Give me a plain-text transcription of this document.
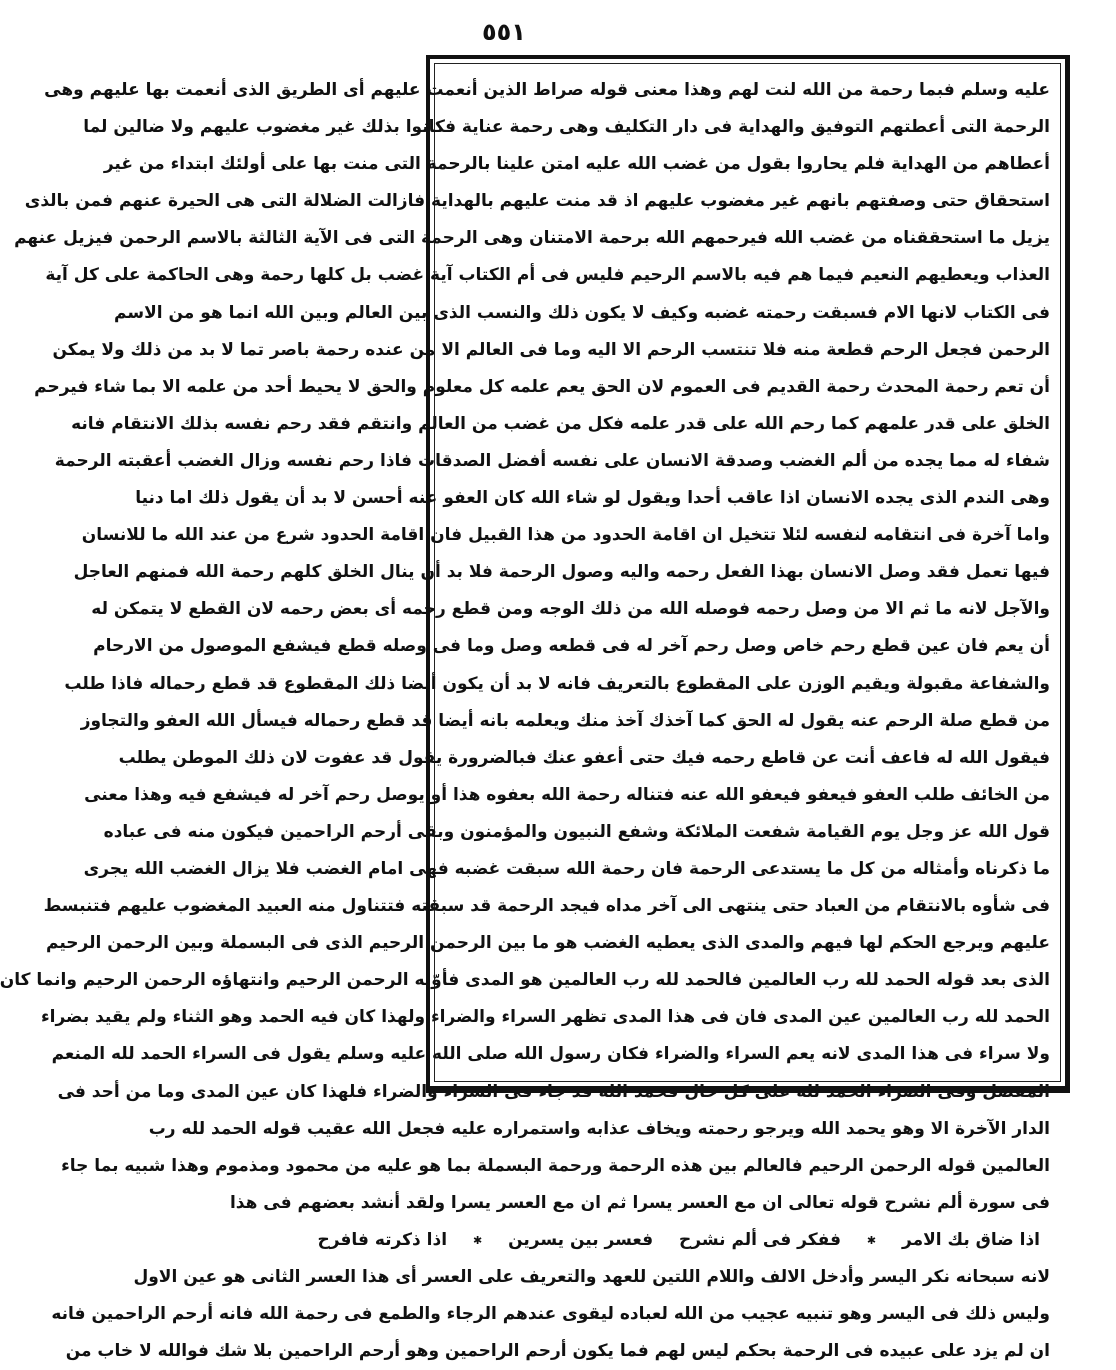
٥٥١
عليه وسلم فبما رحمة من الله لنت لهم وهذا معنى قوله صراط الذين أنعمت عليهم أى الطريق الذى أنعمت بها عليهم وهى
الرحمة التى أعطتهم التوفيق والهداية فى دار التكليف وهى رحمة عناية فكانوا بذلك غير مغضوب عليهم ولا ضالين لما
أعطاهم من الهداية فلم يحاروا بقول من غضب الله عليه امتن علينا بالرحمة التى منت بها على أولئك ابتداء من غير
استحقاق حتى وصفتهم بانهم غير مغضوب عليهم اذ قد منت عليهم بالهداية فازالت الضلالة التى هى الحيرة عنهم فمن بالذى
يزيل ما استحققناه من غضب الله فيرحمهم الله برحمة الامتنان وهى الرحمة التى فى الآية الثالثة بالاسم الرحمن فيزيل عنهم
العذاب ويعطيهم النعيم فيما هم فيه بالاسم الرحيم فليس فى أم الكتاب آية غضب بل كلها رحمة وهى الحاكمة على كل آية
فى الكتاب لانها الام فسبقت رحمته غضبه وكيف لا يكون ذلك والنسب الذى بين العالم وبين الله انما هو من الاسم
الرحمن فجعل الرحم قطعة منه فلا تنتسب الرحم الا اليه وما فى العالم الا من عنده رحمة باصر تما لا بد من ذلك ولا يمكن
أن تعم رحمة المحدث رحمة القديم فى العموم لان الحق يعم علمه كل معلوم والحق لا يحيط أحد من علمه الا بما شاء فيرحم
الخلق على قدر علمهم كما رحم الله على قدر علمه فكل من غضب من العالم وانتقم فقد رحم نفسه بذلك الانتقام فانه
شفاء له مما يجده من ألم الغضب وصدقة الانسان على نفسه أفضل الصدقات فاذا رحم نفسه وزال الغضب أعقبته الرحمة
وهى الندم الذى يجده الانسان اذا عاقب أحدا ويقول لو شاء الله كان العفو عنه أحسن لا بد أن يقول ذلك اما دنيا
واما آخرة فى انتقامه لنفسه لئلا تتخيل ان اقامة الحدود من هذا القبيل فان اقامة الحدود شرع من عند الله ما للانسان
فيها تعمل فقد وصل الانسان بهذا الفعل رحمه واليه وصول الرحمة فلا بد أن ينال الخلق كلهم رحمة الله فمنهم العاجل
والآجل لانه ما ثم الا من وصل رحمه فوصله الله من ذلك الوجه ومن قطع رحمه أى بعض رحمه لان القطع لا يتمكن له
أن يعم فان عين قطع رحم خاص وصل رحم آخر له فى قطعه وصل وما فى وصله قطع فيشفع الموصول من الارحام
والشفاعة مقبولة ويقيم الوزن على المقطوع بالتعريف فانه لا بد أن يكون أيضا ذلك المقطوع قد قطع رحماله فاذا طلب
من قطع صلة الرحم عنه يقول له الحق كما آخذك آخذ منك ويعلمه بانه أيضا قد قطع رحماله فيسأل الله العفو والتجاوز
فيقول الله له فاعف أنت عن قاطع رحمه فيك حتى أعفو عنك فبالضرورة يقول قد عفوت لان ذلك الموطن يطلب
من الخائف طلب العفو فيعفو فيعفو الله عنه فتناله رحمة الله بعفوه هذا أو يوصل رحم آخر له فيشفع فيه وهذا معنى
قول الله عز وجل يوم القيامة شفعت الملائكة وشفع النبيون والمؤمنون وبقى أرحم الراحمين فيكون منه فى عباده
ما ذكرناه وأمثاله من كل ما يستدعى الرحمة فان رحمة الله سبقت غضبه فهى امام الغضب فلا يزال الغضب الله يجرى
فى شأوه بالانتقام من العباد حتى ينتهى الى آخر مداه فيجد الرحمة قد سبقته فتتناول منه العبيد المغضوب عليهم فتنبسط
عليهم ويرجع الحكم لها فيهم والمدى الذى يعطيه الغضب هو ما بين الرحمن الرحيم الذى فى البسملة وبين الرحمن الرحيم
الذى بعد قوله الحمد لله رب العالمين فالحمد لله رب العالمين هو المدى فأوّله الرحمن الرحيم وانتهاؤه الرحمن الرحيم وانما كان
الحمد لله رب العالمين عين المدى فان فى هذا المدى تظهر السراء والضراء ولهذا كان فيه الحمد وهو الثناء ولم يقيد بضراء
ولا سراء فى هذا المدى لانه يعم السراء والضراء فكان رسول الله صلى الله عليه وسلم يقول فى السراء الحمد لله المنعم
المفضل وفى الضراء الحمد لله على كل حال فحمد الله قد جاء فى السراء والضراء فلهذا كان عين المدى وما من أحد فى
الدار الآخرة الا وهو يحمد الله ويرجو رحمته ويخاف عذابه واستمراره عليه فجعل الله عقيب قوله الحمد لله رب
العالمين قوله الرحمن الرحيم فالعالم بين هذه الرحمة ورحمة البسملة بما هو عليه من محمود ومذموم وهذا شبيه بما جاء
فى سورة ألم نشرح قوله تعالى ان مع العسر يسرا ثم ان مع العسر يسرا ولقد أنشد بعضهم فى هذا
اذا ضاق بك الامر ✱ ففكر فى ألم نشرح فعسر بين يسرين ✱ اذا ذكرته فافرح
لانه سبحانه نكر اليسر وأدخل الالف واللام اللتين للعهد والتعريف على العسر أى هذا العسر الثانى هو عين الاول
وليس ذلك فى اليسر وهو تنبيه عجيب من الله لعباده ليقوى عندهم الرجاء والطمع فى رحمة الله فانه أرحم الراحمين فانه
ان لم يزد على عبيده فى الرحمة بحكم ليس لهم فما يكون أرحم الراحمين وهو أرحم الراحمين بلا شك فوالله لا خاب من
